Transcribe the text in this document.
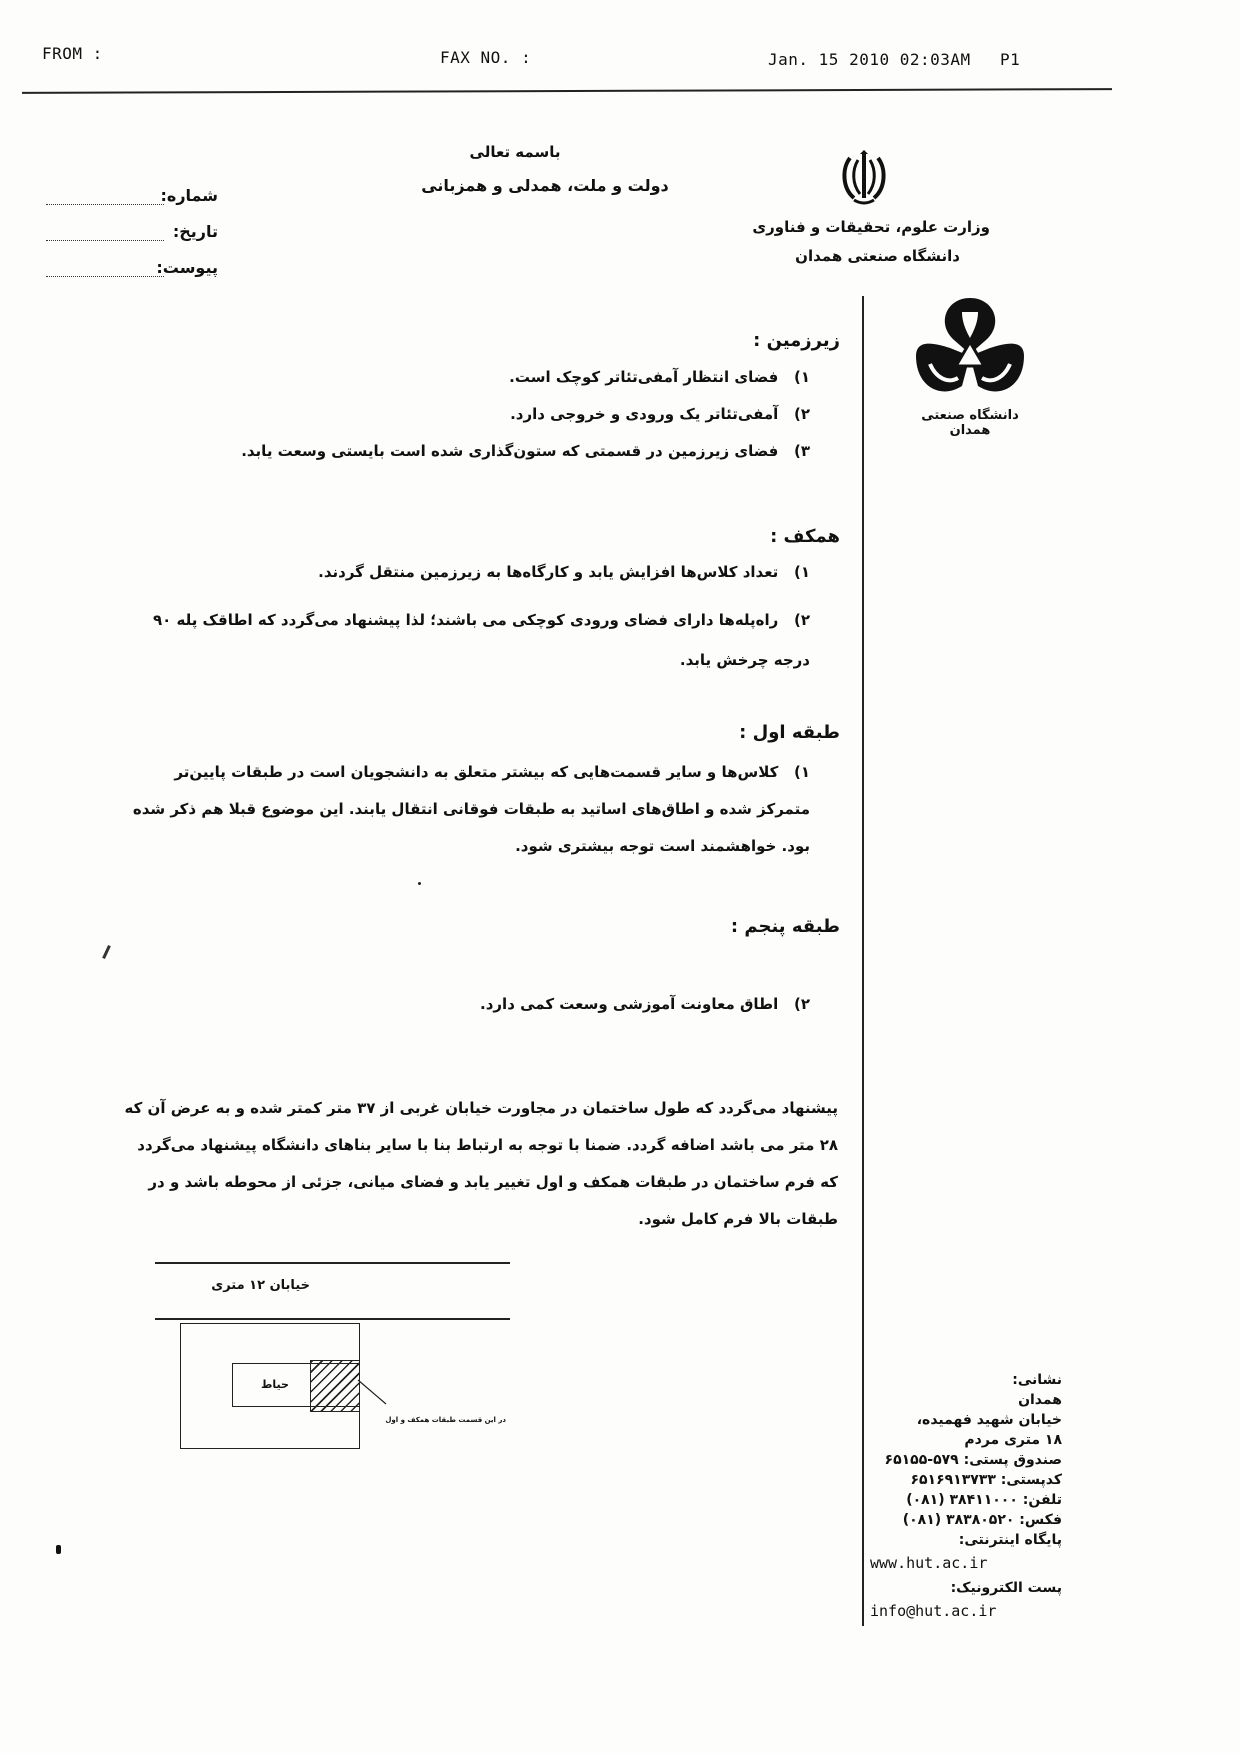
FROM :	FAX NO. :	Jan. 15 2010 02:03AM P1
باسمه تعالی
دولت و ملت، همدلی و همزبانی
وزارت علوم، تحقیقات و فناوری
دانشگاه صنعتی همدان
شماره:
تاریخ:
پیوست:
دانشگاه صنعتی همدان
زیرزمین :
۱)   فضای انتظار آمفی‌تئاتر کوچک است.
۲)   آمفی‌تئاتر یک ورودی و خروجی دارد.
۳)   فضای زیرزمین در قسمتی که ستون‌گذاری شده است بایستی وسعت یابد.
همکف :
۱)   تعداد کلاس‌ها افزایش یابد و کارگاه‌ها به زیرزمین منتقل گردند.
۲)   راه‌پله‌ها دارای فضای ورودی کوچکی می باشند؛ لذا پیشنهاد می‌گردد که اطاقک پله ۹۰ درجه چرخش یابد.
طبقه اول :
۱)   کلاس‌ها و سایر قسمت‌هایی که بیشتر متعلق به دانشجویان است در طبقات پایین‌تر متمرکز شده و اطاق‌های اساتید به طبقات فوقانی انتقال یابند. این موضوع قبلا هم ذکر شده بود. خواهشمند است توجه بیشتری شود.
طبقه پنجم :
۲)   اطاق معاونت آموزشی وسعت کمی دارد.
پیشنهاد می‌گردد که طول ساختمان در مجاورت خیابان غربی از ۳۷ متر کمتر شده و به عرض آن که ۲۸ متر می باشد اضافه گردد. ضمنا با توجه به ارتباط بنا با سایر بناهای دانشگاه پیشنهاد می‌گردد که فرم ساختمان در طبقات همکف و اول تغییر یابد و فضای میانی، جزئی از محوطه باشد و در طبقات بالا فرم کامل شود.
خیابان ۱۲ متری
حیاط
در این قسمت طبقات همکف و اول
نشانی:
همدان
خیابان شهید فهمیده،
۱۸ متری مردم
صندوق پستی: ۵۷۹-۶۵۱۵۵
کدپستی: ۶۵۱۶۹۱۳۷۳۳
تلفن: ۳۸۴۱۱۰۰۰ (۰۸۱)
فکس: ۳۸۳۸۰۵۲۰ (۰۸۱)
پایگاه اینترنتی:
www.hut.ac.ir
پست الکترونیک:
info@hut.ac.ir
